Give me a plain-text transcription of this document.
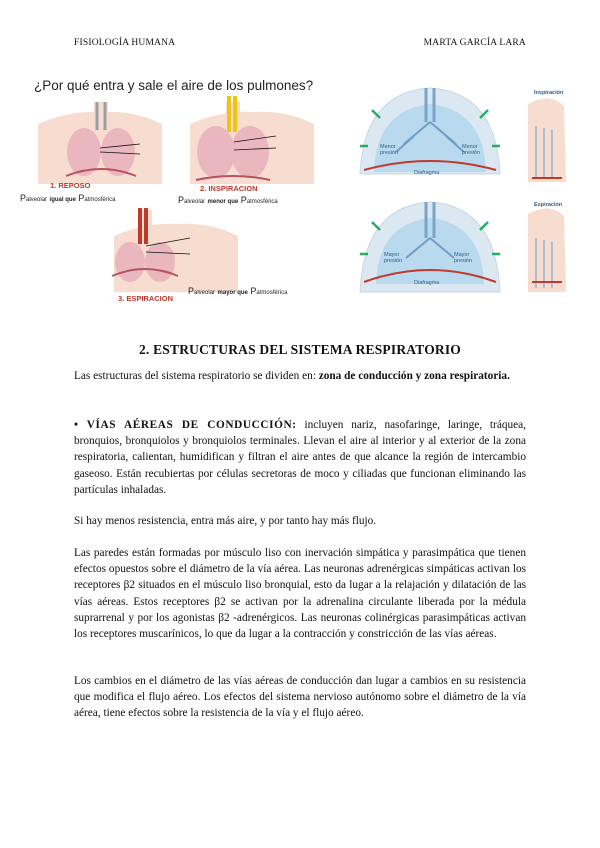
FISIOLOGÍA HUMANA	MARTA GARCÍA LARA
¿Por qué entra y sale el aire de los pulmones?
1. REPOSO
Palveolar igual que Patmosférica
2. INSPIRACION
Palveolar menor que Patmosférica
3. ESPIRACION
Palveolar mayor que Patmosférica
Inspiración
Espiración
Menor presión
Menor presión
Mayor presión
Mayor presión
Diafragma
Diafragma
2. ESTRUCTURAS DEL SISTEMA RESPIRATORIO
Las estructuras del sistema respiratorio se dividen en: zona de conducción y zona respiratoria.
• VÍAS AÉREAS DE CONDUCCIÓN: incluyen nariz, nasofaringe, laringe, tráquea, bronquios, bronquiolos y bronquiolos terminales. Llevan el aire al interior y al exterior de la zona respiratoria, calientan, humidifican y filtran el aire antes de que alcance la región de intercambio gaseoso. Están recubiertas por células secretoras de moco y ciliadas que funcionan eliminando las partículas inhaladas.
Si hay menos resistencia, entra más aire, y por tanto hay más flujo.
Las paredes están formadas por músculo liso con inervación simpática y parasimpática que tienen efectos opuestos sobre el diámetro de la vía aérea. Las neuronas adrenérgicas simpáticas activan los receptores β2 situados en el músculo liso bronquial, esto da lugar a la relajación y dilatación de las vías aéreas. Estos receptores β2 se activan por la adrenalina circulante liberada por la médula suprarrenal y por los agonistas β2 -adrenérgicos. Las neuronas colinérgicas parasimpáticas activan los receptores muscarínicos, lo que da lugar a la contracción y constricción de las vías aéreas.
Los cambios en el diámetro de las vías aéreas de conducción dan lugar a cambios en su resistencia que modifica el flujo aéreo. Los efectos del sistema nervioso autónomo sobre el diámetro de la vía aérea, tiene efectos sobre la resistencia de la vía y el flujo aéreo.
